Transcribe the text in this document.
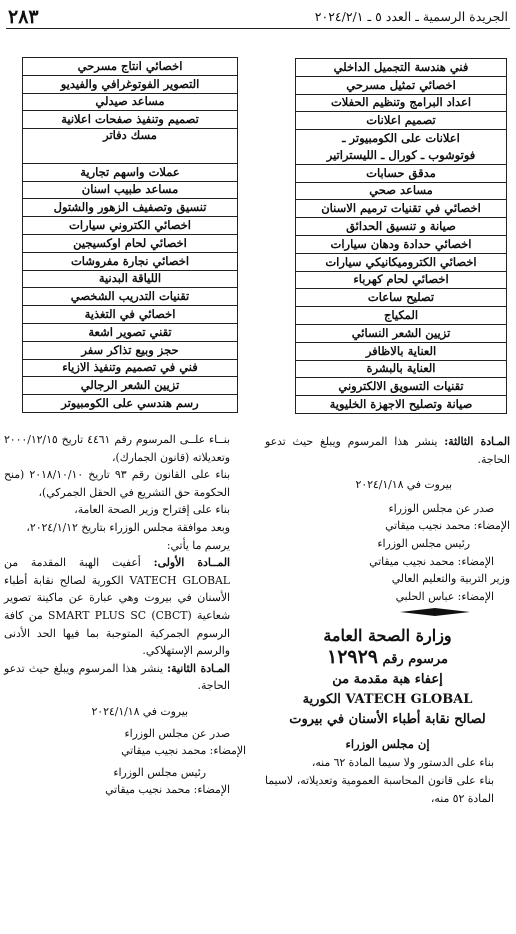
٢٨٣	الجريدة الرسمية ـ العدد ٥ ـ ٢٠٢٤/٢/١
فني هندسة التجميل الداخلي
اخصائي تمثيل مسرحي
اعداد البرامج وتنظيم الحفلات
تصميم اعلانات
اعلانات على الكومبيوتر ـ
فوتوشوب ـ كورال ـ الليستراتير
مدقق حسابات
مساعد صحي
اخصائي في تقنيات ترميم الاسنان
صيانة و تنسيق الحدائق
اخصائي حدادة ودهان سيارات
اخصائي الكتروميكانيكي سيارات
اخصائي لحام كهرباء
تصليح ساعات
المكياج
تزيين الشعر النسائي
العناية بالاظافر
العناية بالبشرة
تقنيات التسويق الالكتروني
صيانة وتصليح الاجهزة الخليوية
اخصائي انتاج مسرحي
التصوير الفوتوغرافي والفيديو
مساعد صيدلي
تصميم وتنفيذ صفحات اعلانية
مسك دفاتر

عملات واسهم تجارية
مساعد طبيب اسنان
تنسيق وتصفيف الزهور والشتول
اخصائي الكتروني سيارات
اخصائي لحام اوكسيجين
اخصائي نجارة مفروشات
اللياقة البدنية
تقنيات التدريب الشخصي
اخصائي في التغذية
تقني تصوير اشعة
حجز وبيع تذاكر سفر
فني في تصميم وتنفيذ الازياء
تزيين الشعر الرجالي
رسم هندسي على الكومبيوتر

المـادة الثالثة: ينشر هذا المرسوم ويبلغ حيث تدعو الحاجة.

بيروت في ٢٠٢٤/١/١٨

صدر عن مجلس الوزراء

الإمضاء: محمد نجيب ميقاتي

رئيس مجلس الوزراء

الإمضاء: محمد نجيب ميقاتي

وزير التربية والتعليم العالي

الإمضاء: عباس الحلبي

وزارة الصحة العامة

مرسوم رقم ١٢٩٢٩

إعفاء هبة مقدمة من

VATECH GLOBAL الكورية

لصالح نقابة أطباء الأسنان في بيروت

إن مجلس الوزراء

بناء على الدستور ولا سيما المادة ٦٢ منه،

بناء على قانون المحاسبة العمومية وتعديلاته، لاسيما المادة ٥٢ منه،

بنــاء علــى المرسوم رقم ٤٤٦١ تاريخ ٢٠٠٠/١٢/١٥ وتعديلاته (قانون الجمارك)،

بناء على القانون رقم ٩٣ تاريخ ٢٠١٨/١٠/١٠ (منح الحكومة حق التشريع في الحقل الجمركي)،

بناء على إقتراح وزير الصحة العامة،

وبعد موافقة مجلس الوزراء بتاريخ ٢٠٢٤/١/١٢،

يرسم ما يأتي:

المــادة الأولى: أعفيت الهبة المقدمة من VATECH GLOBAL الكورية لصالح نقابة أطباء الأسنان في بيروت وهي عبارة عن ماكينة تصوير شعاعية SMART PLUS SC (CBCT) من كافة الرسوم الجمركية المتوجبة بما فيها الحد الأدنى والرسم الإستهلاكي.

المـادة الثانية: ينشر هذا المرسوم ويبلغ حيث تدعو الحاجة.

بيروت في ٢٠٢٤/١/١٨

صدر عن مجلس الوزراء

الإمضاء: محمد نجيب ميقاتي

رئيس مجلس الوزراء

الإمضاء: محمد نجيب ميقاتي
